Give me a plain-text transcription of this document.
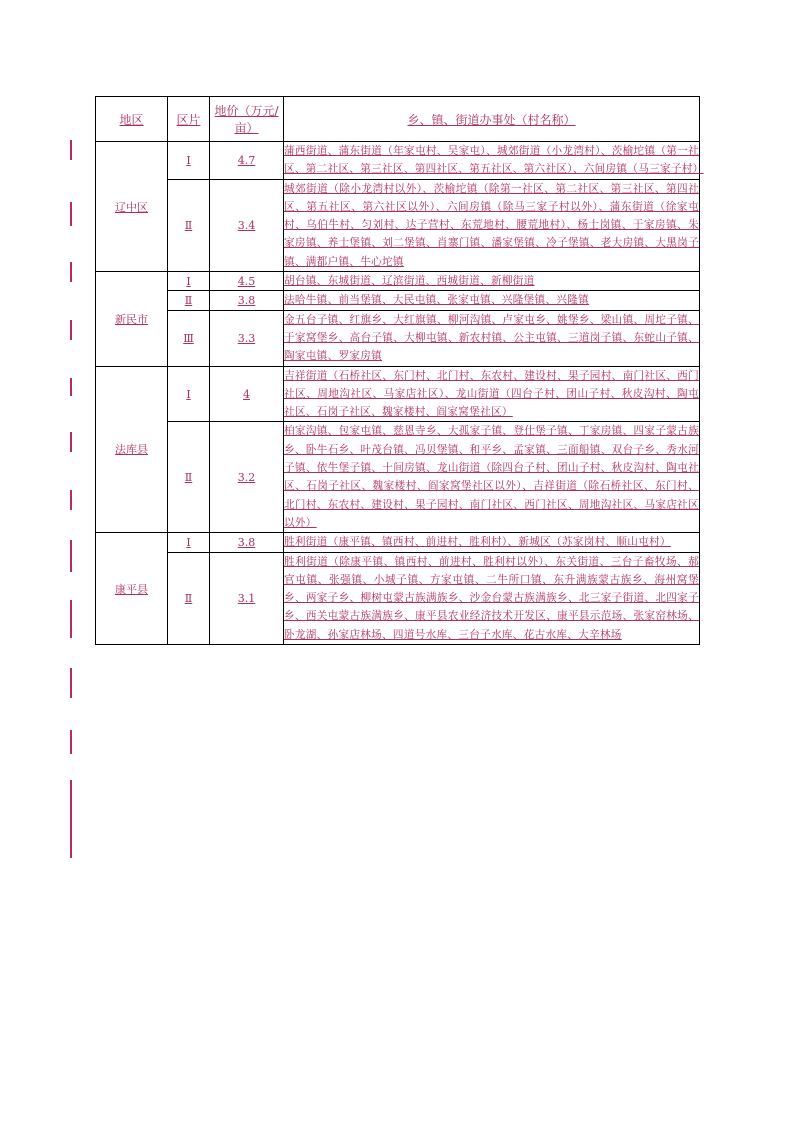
地区	区片	地价（万元/亩）	乡、镇、街道办事处（村名称）
辽中区	Ⅰ	4.7	蒲西街道、蒲东街道（年家屯村、吴家屯）、城郊街道（小龙湾村）、茨榆坨镇（第一社区、第二社区、第三社区、第四社区、第五社区、第六社区）、六间房镇（马三家子村）
	Ⅱ	3.4	城郊街道（除小龙湾村以外）、茨榆坨镇（除第一社区、第二社区、第三社区、第四社区、第五社区、第六社区以外）、六间房镇（除马三家子村以外）、蒲东街道（徐家屯村、乌伯牛村、匀刘村、达子营村、东荒地村、腰荒地村）、杨士岗镇、于家房镇、朱家房镇、养士堡镇、刘二堡镇、肖寨门镇、潘家堡镇、冷子堡镇、老大房镇、大黑岗子镇、满都户镇、牛心坨镇
新民市	Ⅰ	4.5	胡台镇、东城街道、辽滨街道、西城街道、新柳街道
	Ⅱ	3.8	法哈牛镇、前当堡镇、大民屯镇、张家屯镇、兴隆堡镇、兴隆镇
	Ⅲ	3.3	金五台子镇、红旗乡、大红旗镇、柳河沟镇、卢家屯乡、姚堡乡、梁山镇、周坨子镇、于家窝堡乡、高台子镇、大柳屯镇、新农村镇、公主屯镇、三道岗子镇、东蛇山子镇、陶家屯镇、罗家房镇
法库县	Ⅰ	4	吉祥街道（石桥社区、东门村、北门村、东农村、建设村、果子园村、南门社区、西门社区、周地沟社区、马家店社区）、龙山街道（四台子村、团山子村、秋皮沟村、陶屯社区、石岗子社区、魏家楼村、阎家窝堡社区）
	Ⅱ	3.2	柏家沟镇、包家屯镇、慈恩寺乡、大孤家子镇、登仕堡子镇、丁家房镇、四家子蒙古族乡、卧牛石乡、叶茂台镇、冯贝堡镇、和平乡、孟家镇、三面船镇、双台子乡、秀水河子镇、依牛堡子镇、十间房镇、龙山街道（除四台子村、团山子村、秋皮沟村、陶屯社区、石岗子社区、魏家楼村、阎家窝堡社区以外）、吉祥街道（除石桥社区、东门村、北门村、东农村、建设村、果子园村、南门社区、西门社区、周地沟社区、马家店社区以外）
康平县	Ⅰ	3.8	胜利街道（康平镇、镇西村、前进村、胜利村）、新城区（苏家岗村、顺山屯村）
	Ⅱ	3.1	胜利街道（除康平镇、镇西村、前进村、胜利村以外）、东关街道、三台子畜牧场、郝官屯镇、张强镇、小城子镇、方家屯镇、二牛所口镇、东升满族蒙古族乡、海州窝堡乡、两家子乡、柳树屯蒙古族满族乡、沙金台蒙古族满族乡、北三家子街道、北四家子乡、西关屯蒙古族满族乡、康平县农业经济技术开发区、康平县示范场、张家窑林场、卧龙湖、孙家店林场、四道号水库、三台子水库、花古水库、大辛林场
